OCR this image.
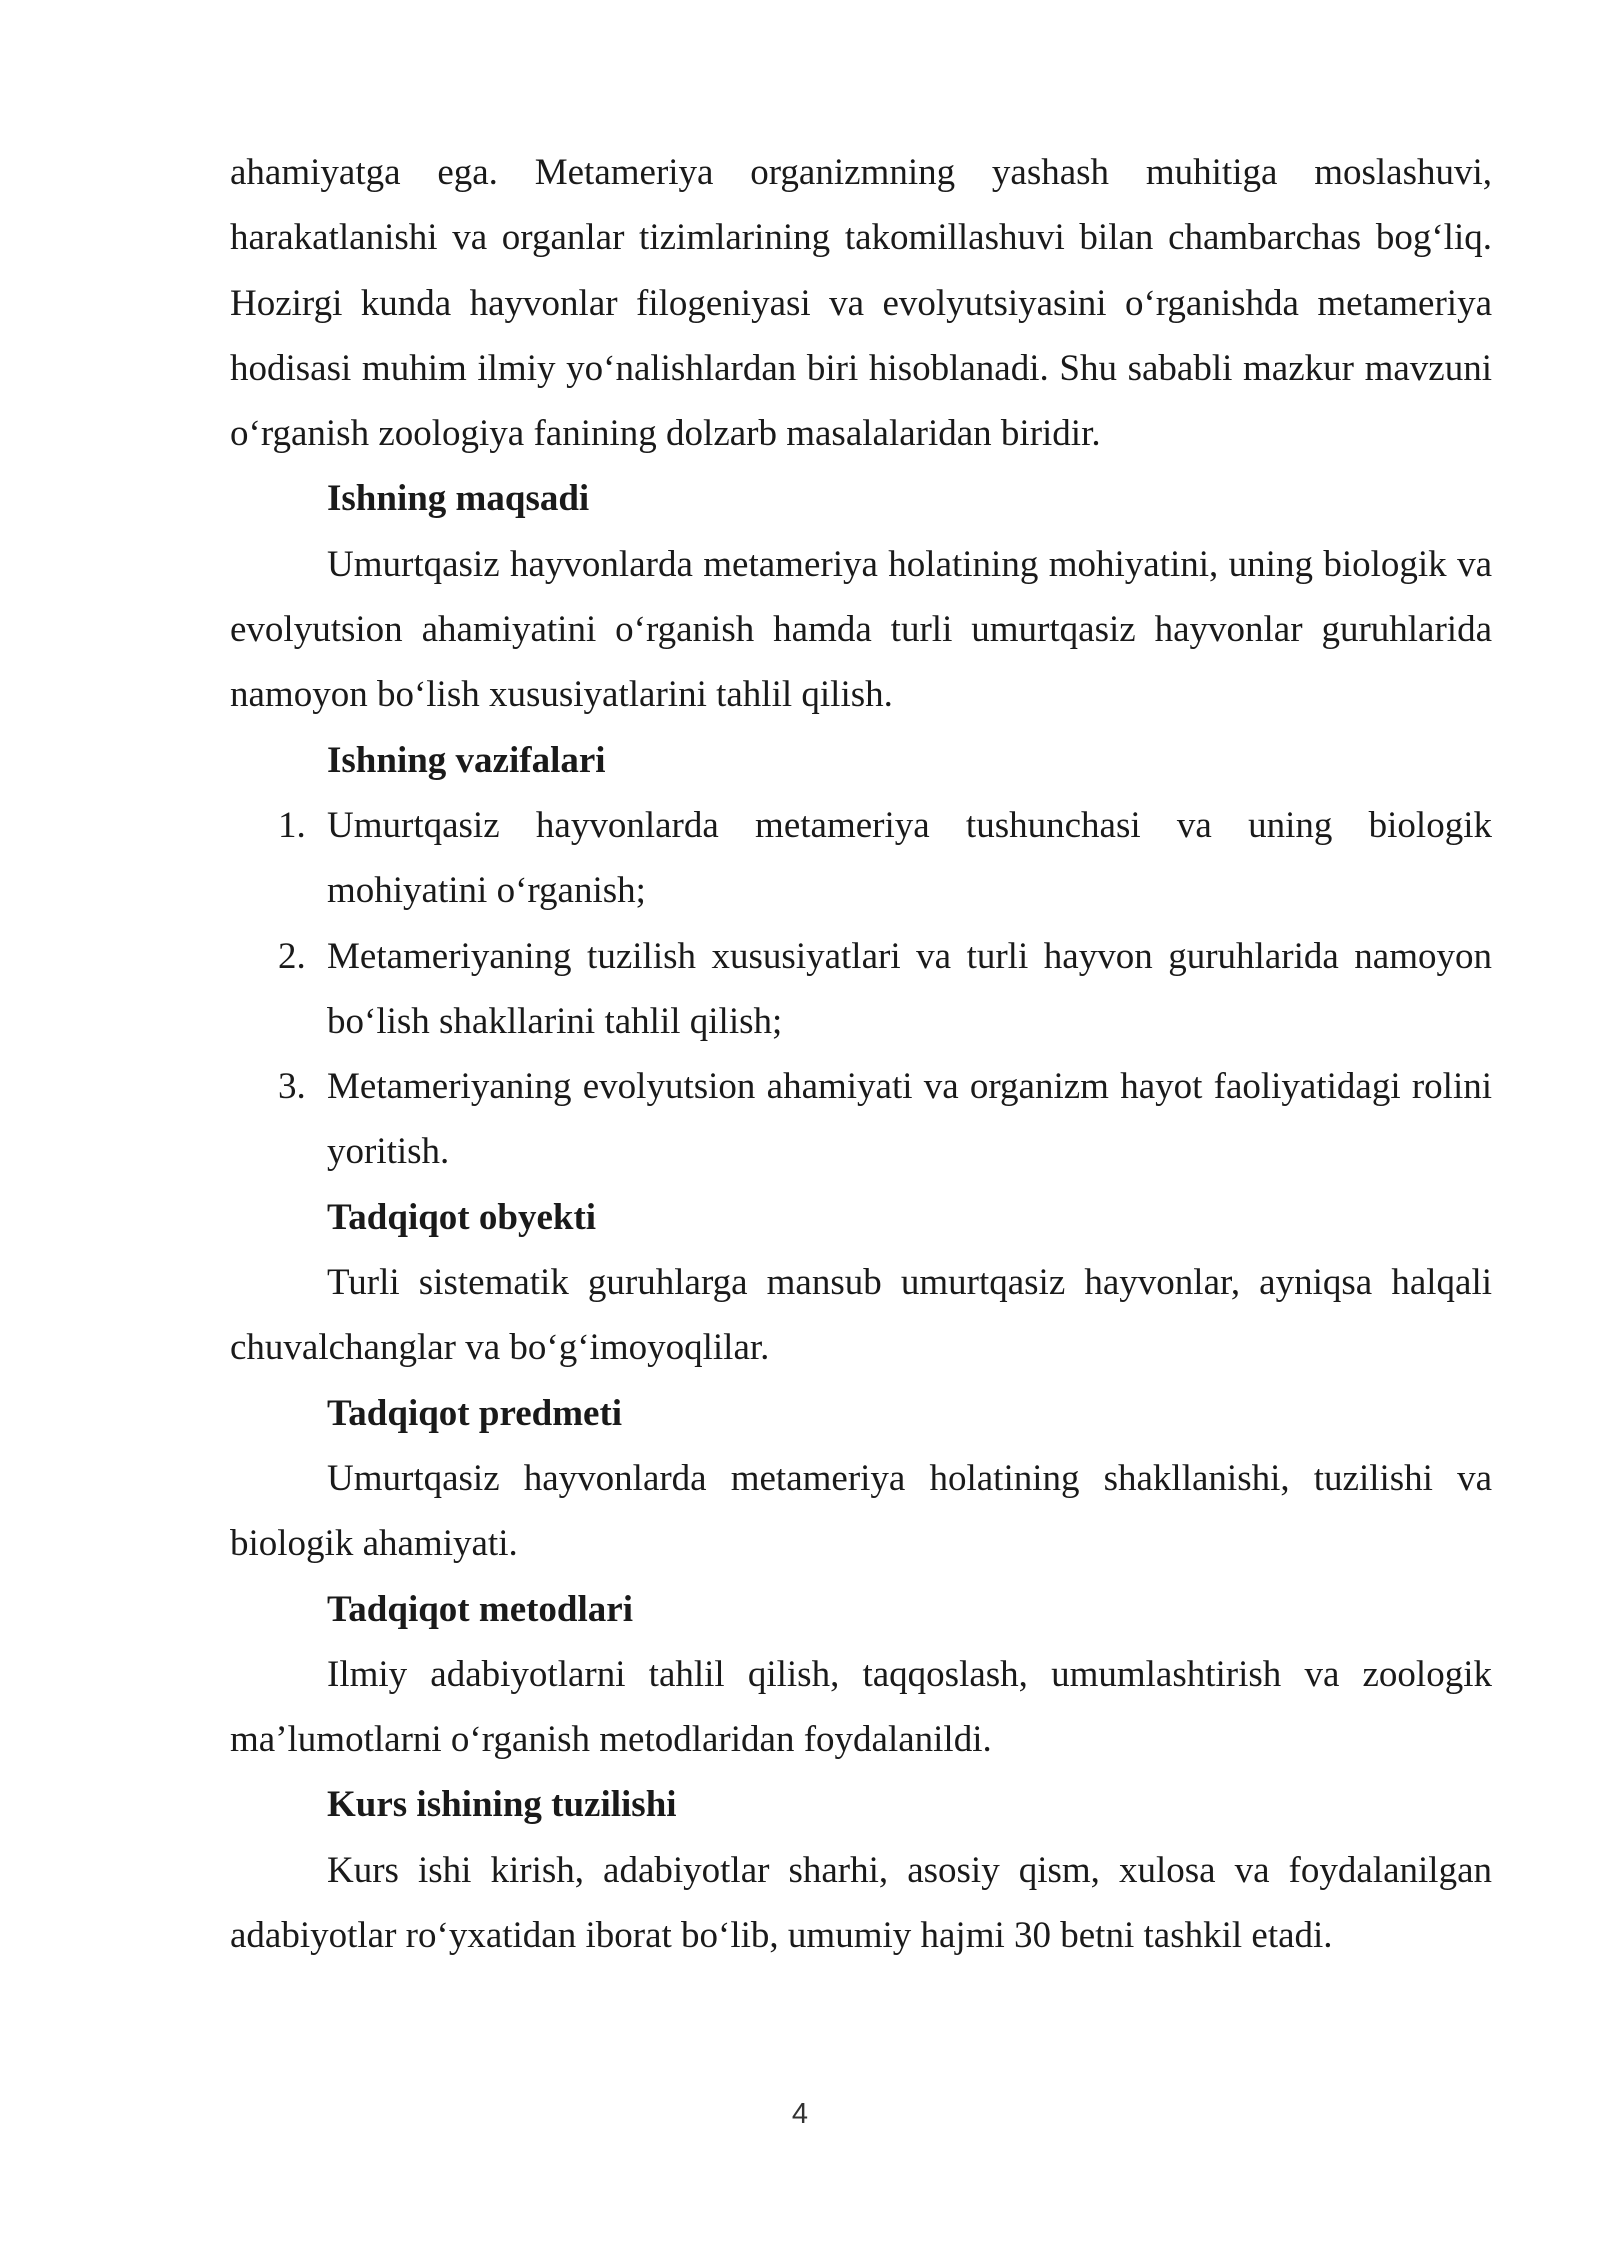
ahamiyatga ega. Metameriya organizmning yashash muhitiga moslashuvi, harakatlanishi va organlar tizimlarining takomillashuvi bilan chambarchas bog‘liq. Hozirgi kunda hayvonlar filogeniyasi va evolyutsiyasini o‘rganishda metameriya hodisasi muhim ilmiy yo‘nalishlardan biri hisoblanadi. Shu sababli mazkur mavzuni o‘rganish zoologiya fanining dolzarb masalalaridan biridir.

Ishning maqsadi

Umurtqasiz hayvonlarda metameriya holatining mohiyatini, uning biologik va evolyutsion ahamiyatini o‘rganish hamda turli umurtqasiz hayvonlar guruhlarida namoyon bo‘lish xususiyatlarini tahlil qilish.

Ishning vazifalari
1. Umurtqasiz hayvonlarda metameriya tushunchasi va uning biologik mohiyatini o‘rganish;
2. Metameriyaning tuzilish xususiyatlari va turli hayvon guruhlarida namoyon bo‘lish shakllarini tahlil qilish;
3. Metameriyaning evolyutsion ahamiyati va organizm hayot faoliyatidagi rolini yoritish.
Tadqiqot obyekti

Turli sistematik guruhlarga mansub umurtqasiz hayvonlar, ayniqsa halqali chuvalchanglar va bo‘g‘imoyoqlilar.

Tadqiqot predmeti

Umurtqasiz hayvonlarda metameriya holatining shakllanishi, tuzilishi va biologik ahamiyati.

Tadqiqot metodlari

Ilmiy adabiyotlarni tahlil qilish, taqqoslash, umumlashtirish va zoologik ma’lumotlarni o‘rganish metodlaridan foydalanildi.

Kurs ishining tuzilishi

Kurs ishi kirish, adabiyotlar sharhi, asosiy qism, xulosa va foydalanilgan adabiyotlar ro‘yxatidan iborat bo‘lib, umumiy hajmi 30 betni tashkil etadi.

4
